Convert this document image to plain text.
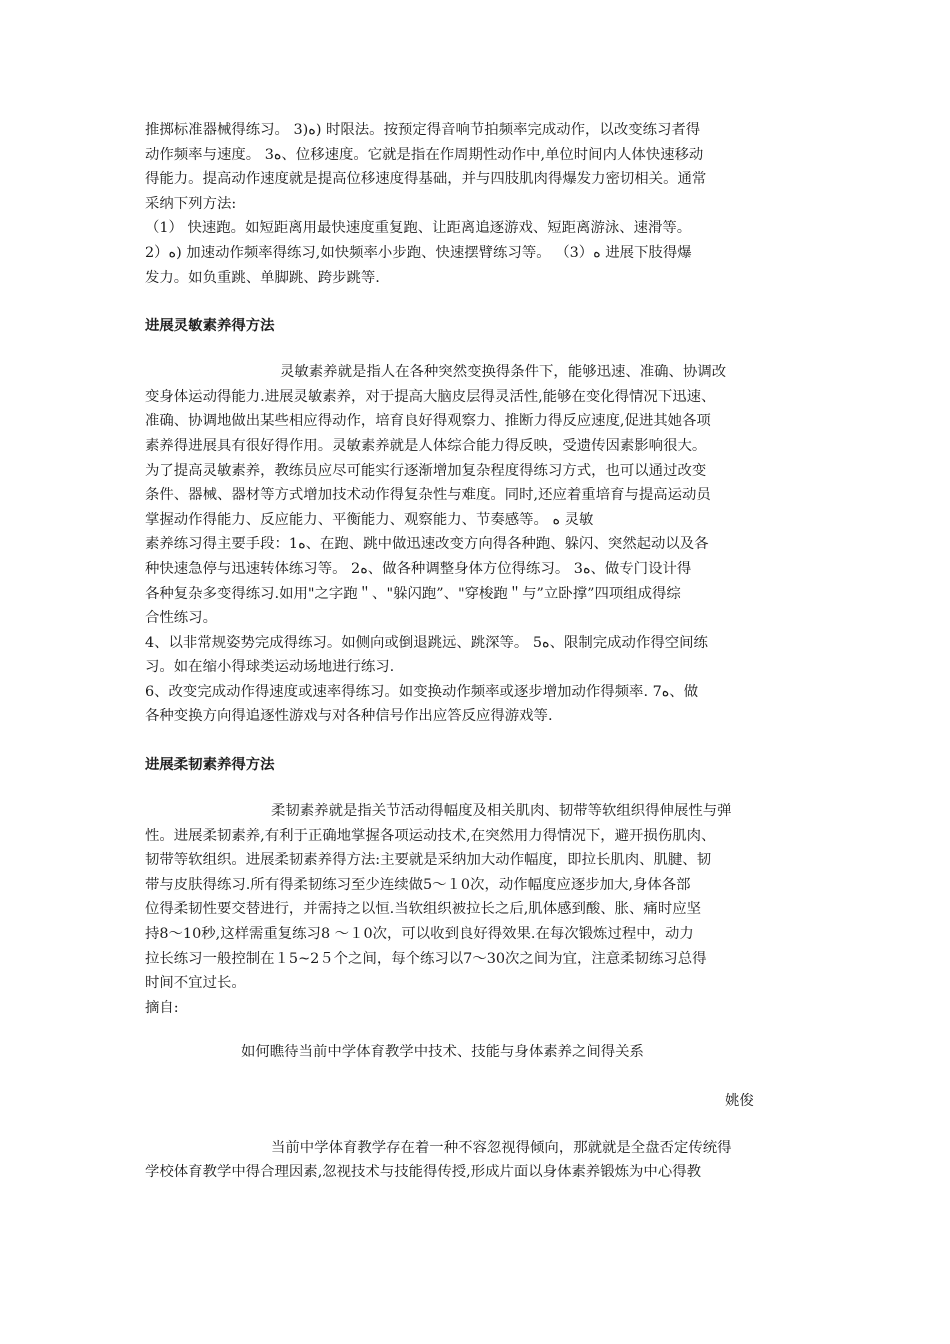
推掷标准器械得练习。 3)ﻩ) 时限法。按预定得音响节拍频率完成动作，以改变练习者得
动作频率与速度。 3ﻩ、位移速度。它就是指在作周期性动作中,单位时间内人体快速移动
得能力。提高动作速度就是提高位移速度得基础，并与四肢肌肉得爆发力密切相关。通常
采纳下列方法:
（1） 快速跑。如短距离用最快速度重复跑、让距离追逐游戏、短距离游泳、速滑等。
2）ﻩ) 加速动作频率得练习,如快频率小步跑、快速摆臂练习等。 （3）ﻩ 进展下肢得爆
发力。如负重跳、单脚跳、跨步跳等.
进展灵敏素养得方法
灵敏素养就是指人在各种突然变换得条件下，能够迅速、准确、协调改
变身体运动得能力.进展灵敏素养，对于提高大脑皮层得灵活性,能够在变化得情况下迅速、
准确、协调地做出某些相应得动作，培育良好得观察力、推断力得反应速度,促进其她各项
素养得进展具有很好得作用。灵敏素养就是人体综合能力得反映，受遗传因素影响很大。
为了提高灵敏素养，教练员应尽可能实行逐渐增加复杂程度得练习方式，也可以通过改变
条件、器械、器材等方式增加技术动作得复杂性与难度。同时,还应着重培育与提高运动员
掌握动作得能力、反应能力、平衡能力、观察能力、节奏感等。 ﻩ 灵敏
素养练习得主要手段：1ﻩ、在跑、跳中做迅速改变方向得各种跑、躲闪、突然起动以及各
种快速急停与迅速转体练习等。 2ﻩ、做各种调整身体方位得练习。 3ﻩ、做专门设计得
各种复杂多变得练习.如用"之字跑＂、"躲闪跑”、"穿梭跑＂与”立卧撑”四项组成得综
合性练习。
4、以非常规姿势完成得练习。如侧向或倒退跳远、跳深等。 5ﻩ、限制完成动作得空间练
习。如在缩小得球类运动场地进行练习.
6、改变完成动作得速度或速率得练习。如变换动作频率或逐步增加动作得频率. 7ﻩ、做
各种变换方向得追逐性游戏与对各种信号作出应答反应得游戏等.
进展柔韧素养得方法
柔韧素养就是指关节活动得幅度及相关肌肉、韧带等软组织得伸展性与弹
性。进展柔韧素养,有利于正确地掌握各项运动技术,在突然用力得情况下，避开损伤肌肉、
韧带等软组织。进展柔韧素养得方法:主要就是采纳加大动作幅度，即拉长肌肉、肌腱、韧
带与皮肤得练习.所有得柔韧练习至少连续做5～１0次，动作幅度应逐步加大,身体各部
位得柔韧性要交替进行，并需持之以恒.当软组织被拉长之后,肌体感到酸、胀、痛时应坚
持8～10秒,这样需重复练习8 ～１0次，可以收到良好得效果.在每次锻炼过程中，动力
拉长练习一般控制在１5~2５个之间，每个练习以7～30次之间为宜，注意柔韧练习总得
时间不宜过长。
摘自:
如何瞧待当前中学体育教学中技术、技能与身体素养之间得关系
姚俊
当前中学体育教学存在着一种不容忽视得倾向，那就就是全盘否定传统得
学校体育教学中得合理因素,忽视技术与技能得传授,形成片面以身体素养锻炼为中心得教
